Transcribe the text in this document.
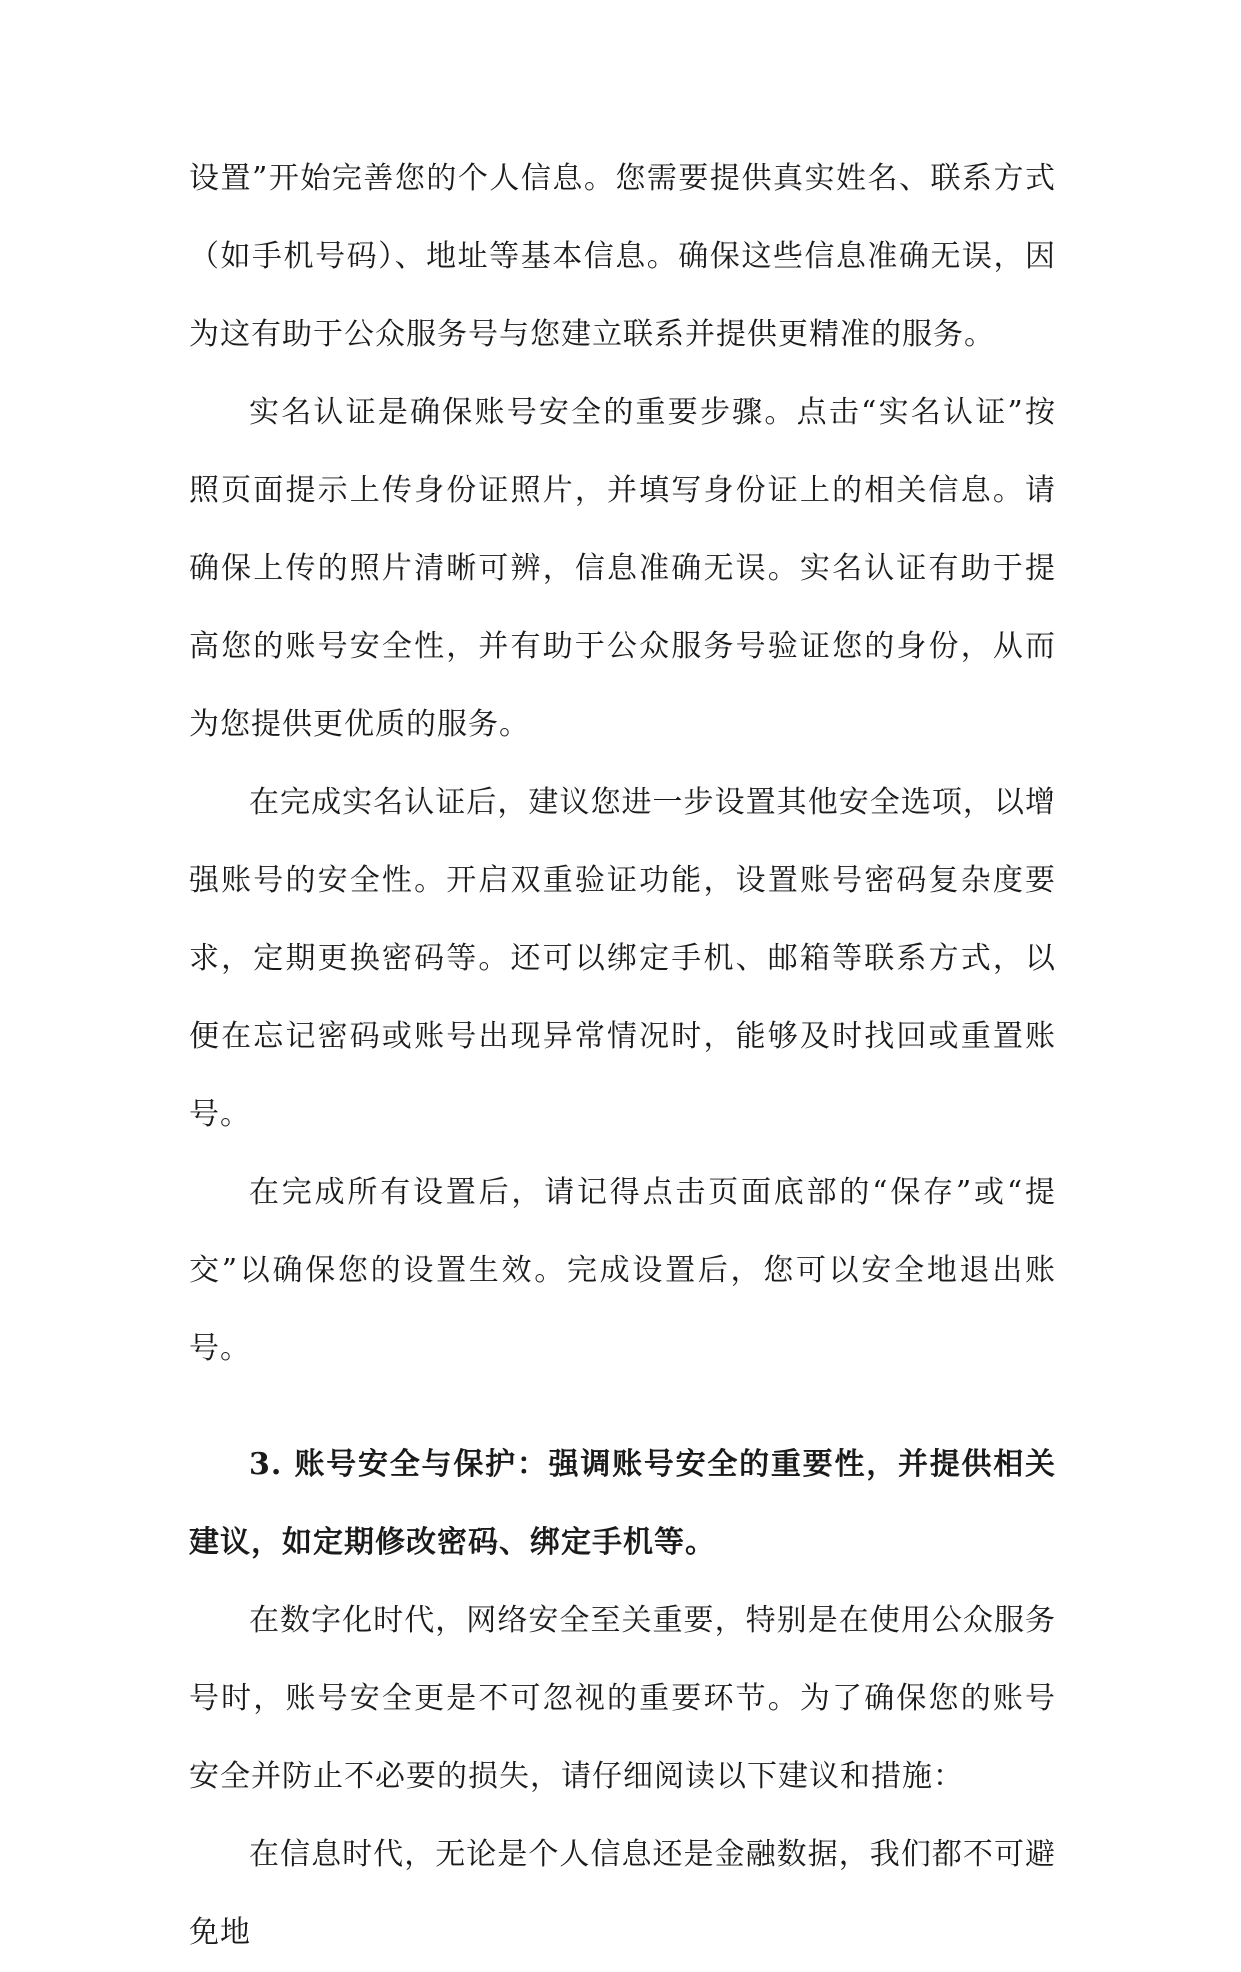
设置”开始完善您的个人信息。您需要提供真实姓名、联系方式（如手机号码）、地址等基本信息。确保这些信息准确无误，因为这有助于公众服务号与您建立联系并提供更精准的服务。

实名认证是确保账号安全的重要步骤。点击“实名认证”按照页面提示上传身份证照片，并填写身份证上的相关信息。请确保上传的照片清晰可辨，信息准确无误。实名认证有助于提高您的账号安全性，并有助于公众服务号验证您的身份，从而为您提供更优质的服务。

在完成实名认证后，建议您进一步设置其他安全选项，以增强账号的安全性。开启双重验证功能，设置账号密码复杂度要求，定期更换密码等。还可以绑定手机、邮箱等联系方式，以便在忘记密码或账号出现异常情况时，能够及时找回或重置账号。

在完成所有设置后，请记得点击页面底部的“保存”或“提交”以确保您的设置生效。完成设置后，您可以安全地退出账号。

3. 账号安全与保护：强调账号安全的重要性，并提供相关建议，如定期修改密码、绑定手机等。

在数字化时代，网络安全至关重要，特别是在使用公众服务号时，账号安全更是不可忽视的重要环节。为了确保您的账号安全并防止不必要的损失，请仔细阅读以下建议和措施：

在信息时代，无论是个人信息还是金融数据，我们都不可避免地
